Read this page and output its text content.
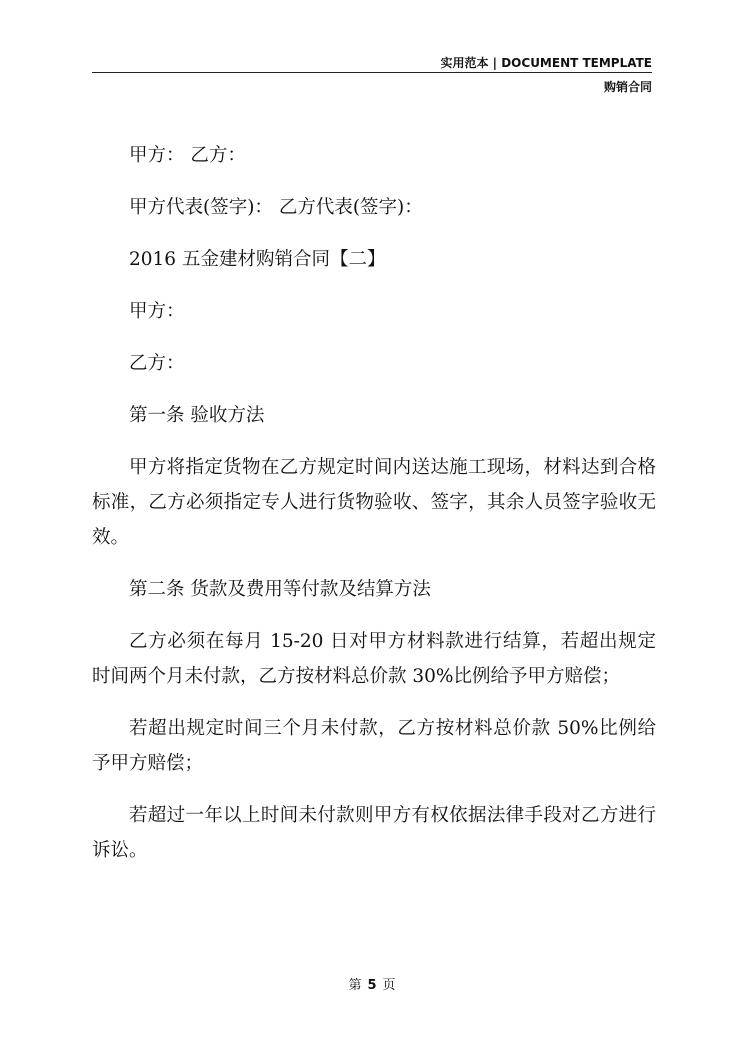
实用范本 | DOCUMENT TEMPLATE
购销合同

甲方： 乙方：

甲方代表(签字)： 乙方代表(签字)：

2016 五金建材购销合同【二】

甲方：

乙方：

第一条 验收方法

甲方将指定货物在乙方规定时间内送达施工现场，材料达到合格标准，乙方必须指定专人进行货物验收、签字，其余人员签字验收无效。

第二条 货款及费用等付款及结算方法

乙方必须在每月 15-20 日对甲方材料款进行结算，若超出规定时间两个月未付款，乙方按材料总价款 30%比例给予甲方赔偿；

若超出规定时间三个月未付款，乙方按材料总价款 50%比例给予甲方赔偿；

若超过一年以上时间未付款则甲方有权依据法律手段对乙方进行诉讼。

第 5 页
